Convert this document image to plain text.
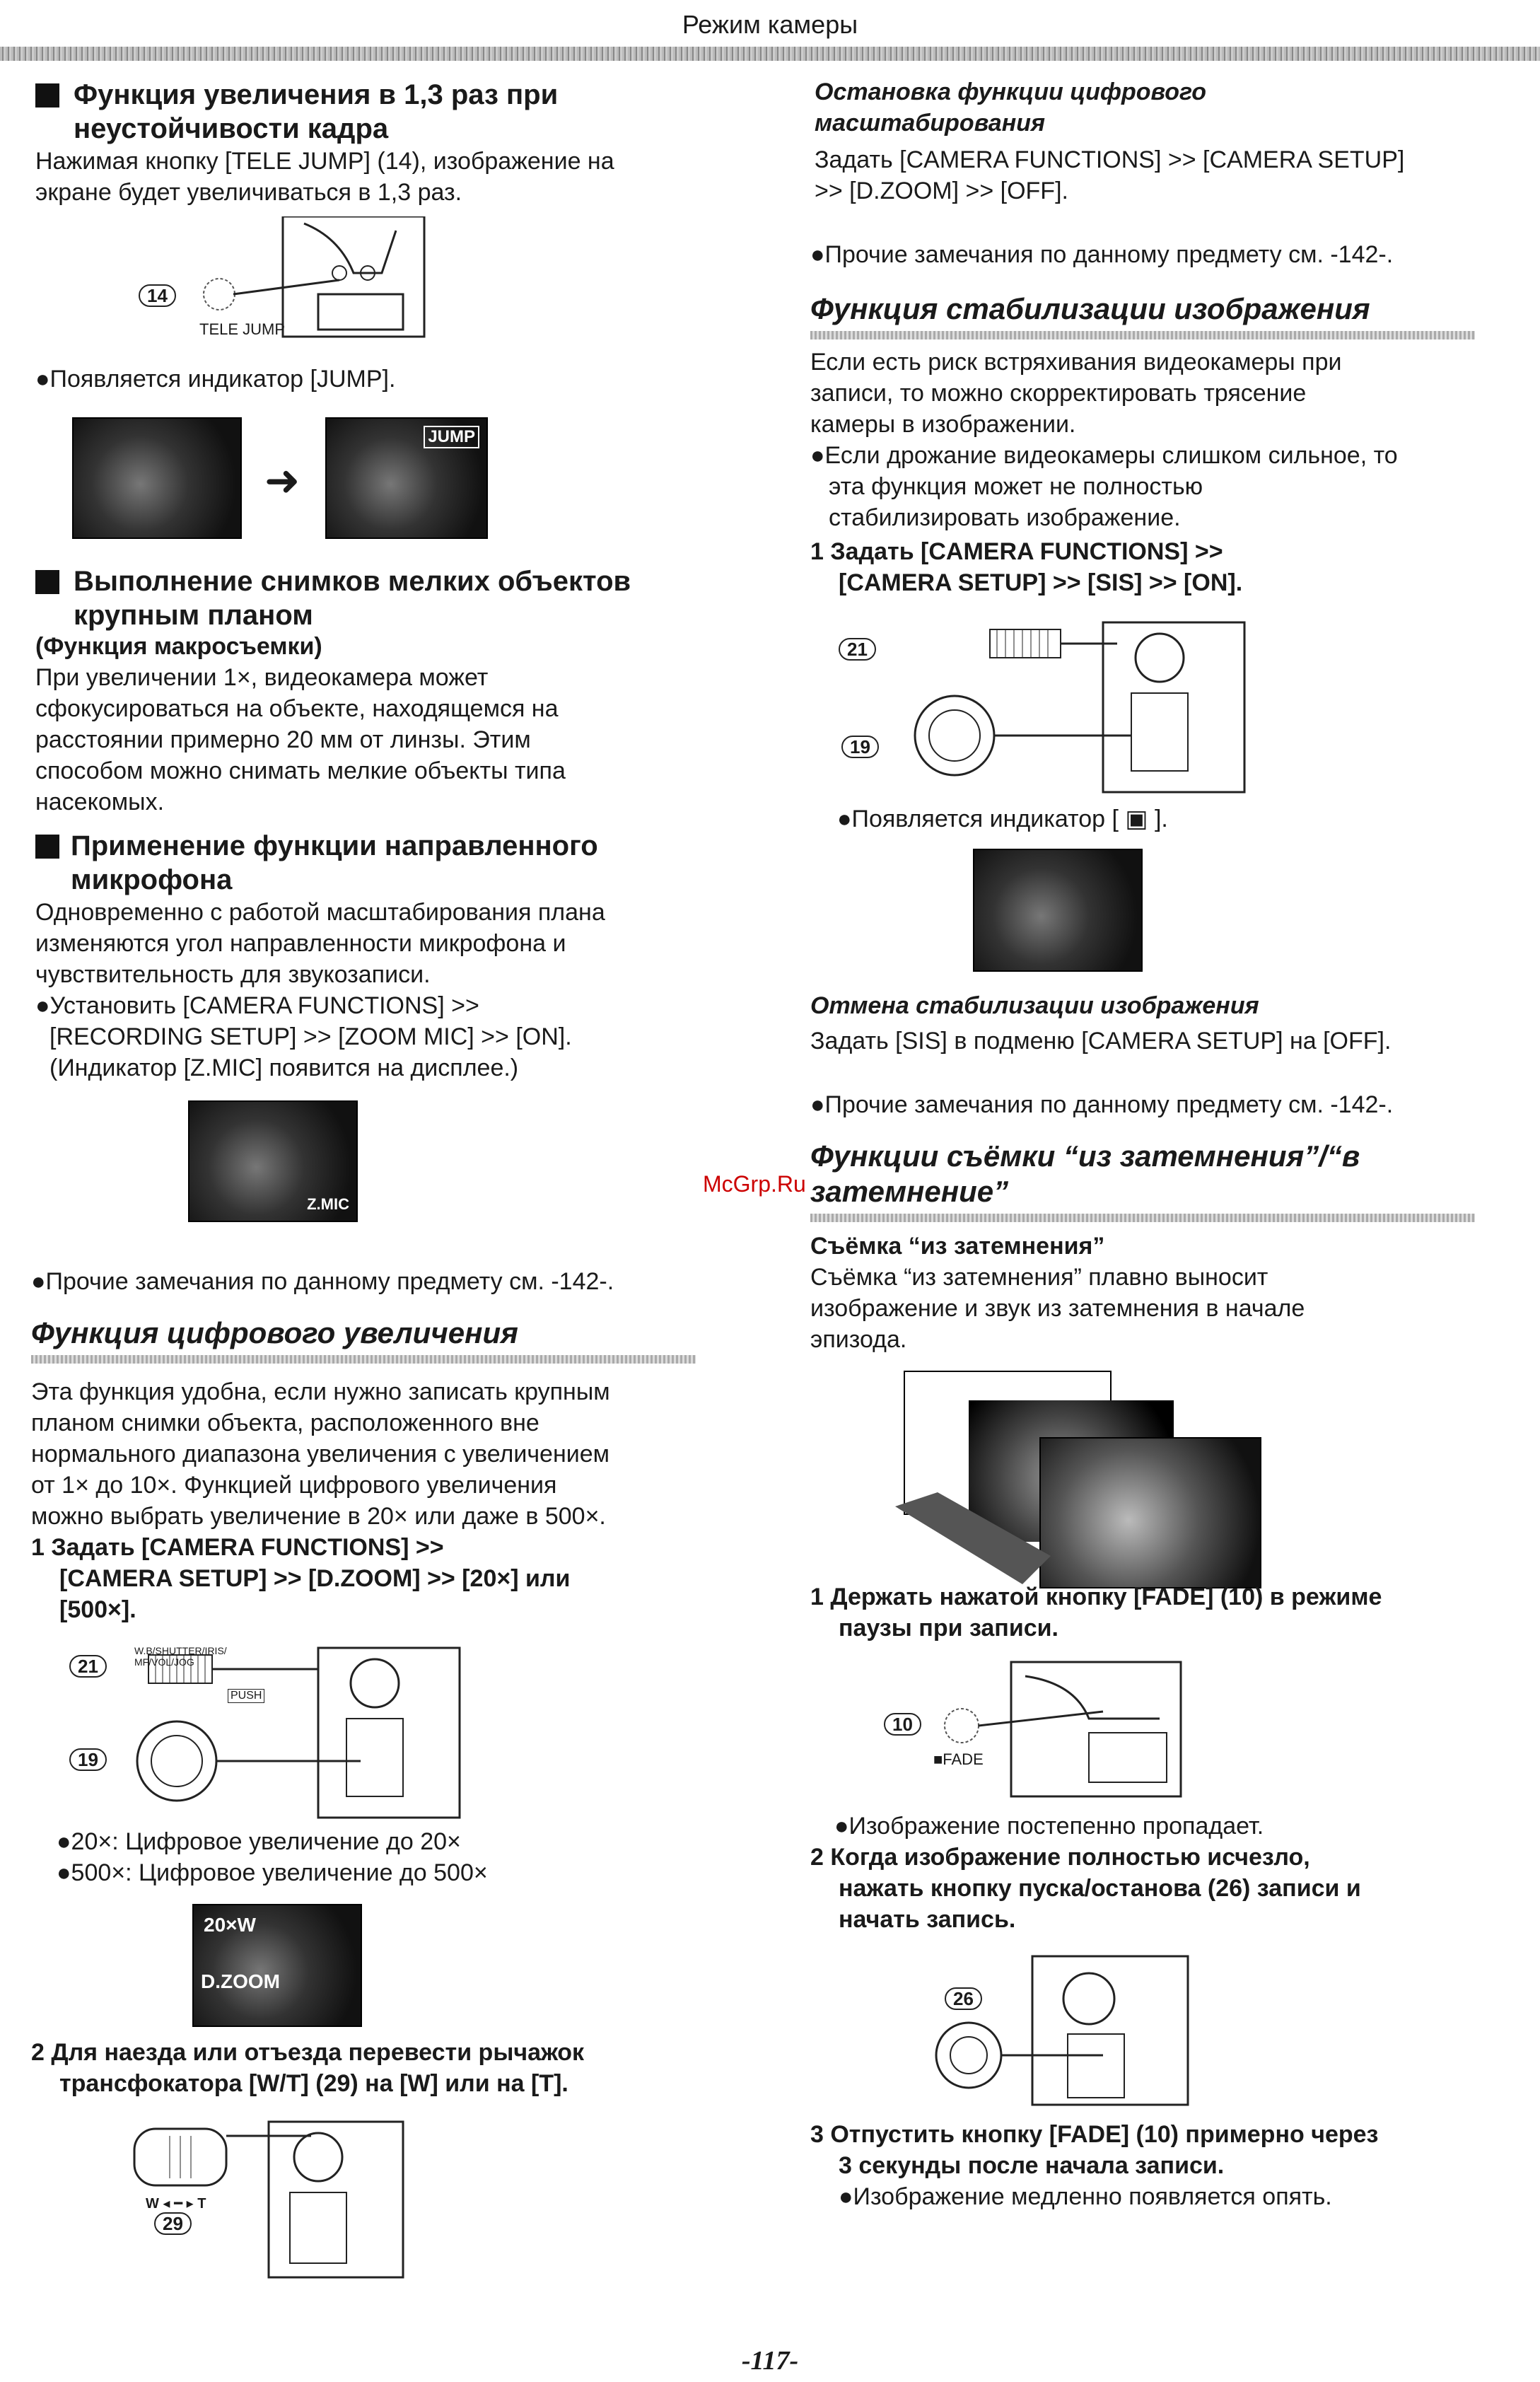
Режим камеры
Функция увеличения в 1,3 раз при
неустойчивости кадра
Нажимая кнопку [TELE JUMP] (14), изображение на
экране будет увеличиваться в 1,3 раз.
14
TELE JUMP
●Появляется индикатор [JUMP].
➜
JUMP
Выполнение снимков мелких объектов
крупным планом
(Функция макросъемки)
При увеличении 1×, видеокамера может
сфокусироваться на объекте, находящемся на
расстоянии примерно 20 мм от линзы. Этим
способом можно снимать мелкие объекты типа
насекомых.
Применение функции направленного
микрофона
Одновременно с работой масштабирования плана
изменяются угол направленности микрофона и
чувствительность для звукозаписи.
●Установить [CAMERA FUNCTIONS] >>
[RECORDING SETUP] >> [ZOOM MIC] >> [ON].
(Индикатор [Z.MIC] появится на дисплее.)
Z.MIC
●Прочие замечания по данному предмету см. -142-.
Функция цифрового увеличения
Эта функция удобна, если нужно записать крупным
планом снимки объекта, расположенного вне
нормального диапазона увеличения с увеличением
от 1× до 10×. Функцией цифрового увеличения
можно выбрать увеличение в 20× или даже в 500×.
1 Задать [CAMERA FUNCTIONS] >>
[CAMERA SETUP] >> [D.ZOOM] >> [20×] или
[500×].
21
19
W.B/SHUTTER/IRIS/ MF/VOL/JOG
PUSH
●20×: Цифровое увеличение до 20×
●500×: Цифровое увеличение до 500×
20×W
D.ZOOM
2 Для наезда или отъезда перевести рычажок
трансфокатора [W/T] (29) на [W] или на [T].
W ◂ ━ ▸ T
29
Остановка функции цифрового
масштабирования
Задать [CAMERA FUNCTIONS] >> [CAMERA SETUP]
>> [D.ZOOM] >> [OFF].
●Прочие замечания по данному предмету см. -142-.
Функция стабилизации изображения
Если есть риск встряхивания видеокамеры при
записи, то можно скорректировать трясение
камеры в изображении.
●Если дрожание видеокамеры слишком сильное, то
эта функция может не полностью
стабилизировать изображение.
1 Задать [CAMERA FUNCTIONS] >>
[CAMERA SETUP] >> [SIS] >> [ON].
21
19
●Появляется индикатор [ ▣ ].
Отмена стабилизации изображения
Задать [SIS] в подменю [CAMERA SETUP] на [OFF].
●Прочие замечания по данному предмету см. -142-.
Функции съёмки “из затемнения”/“в
затемнение”
Съёмка “из затемнения”
Съёмка “из затемнения” плавно выносит
изображение и звук из затемнения в начале
эпизода.
1 Держать нажатой кнопку [FADE] (10) в режиме
паузы при записи.
10
■FADE
●Изображение постепенно пропадает.
2 Когда изображение полностью исчезло,
нажать кнопку пуска/останова (26) записи и
начать запись.
26
3 Отпустить кнопку [FADE] (10) примерно через
3 секунды после начала записи.
●Изображение медленно появляется опять.
McGrp.Ru
-117-
